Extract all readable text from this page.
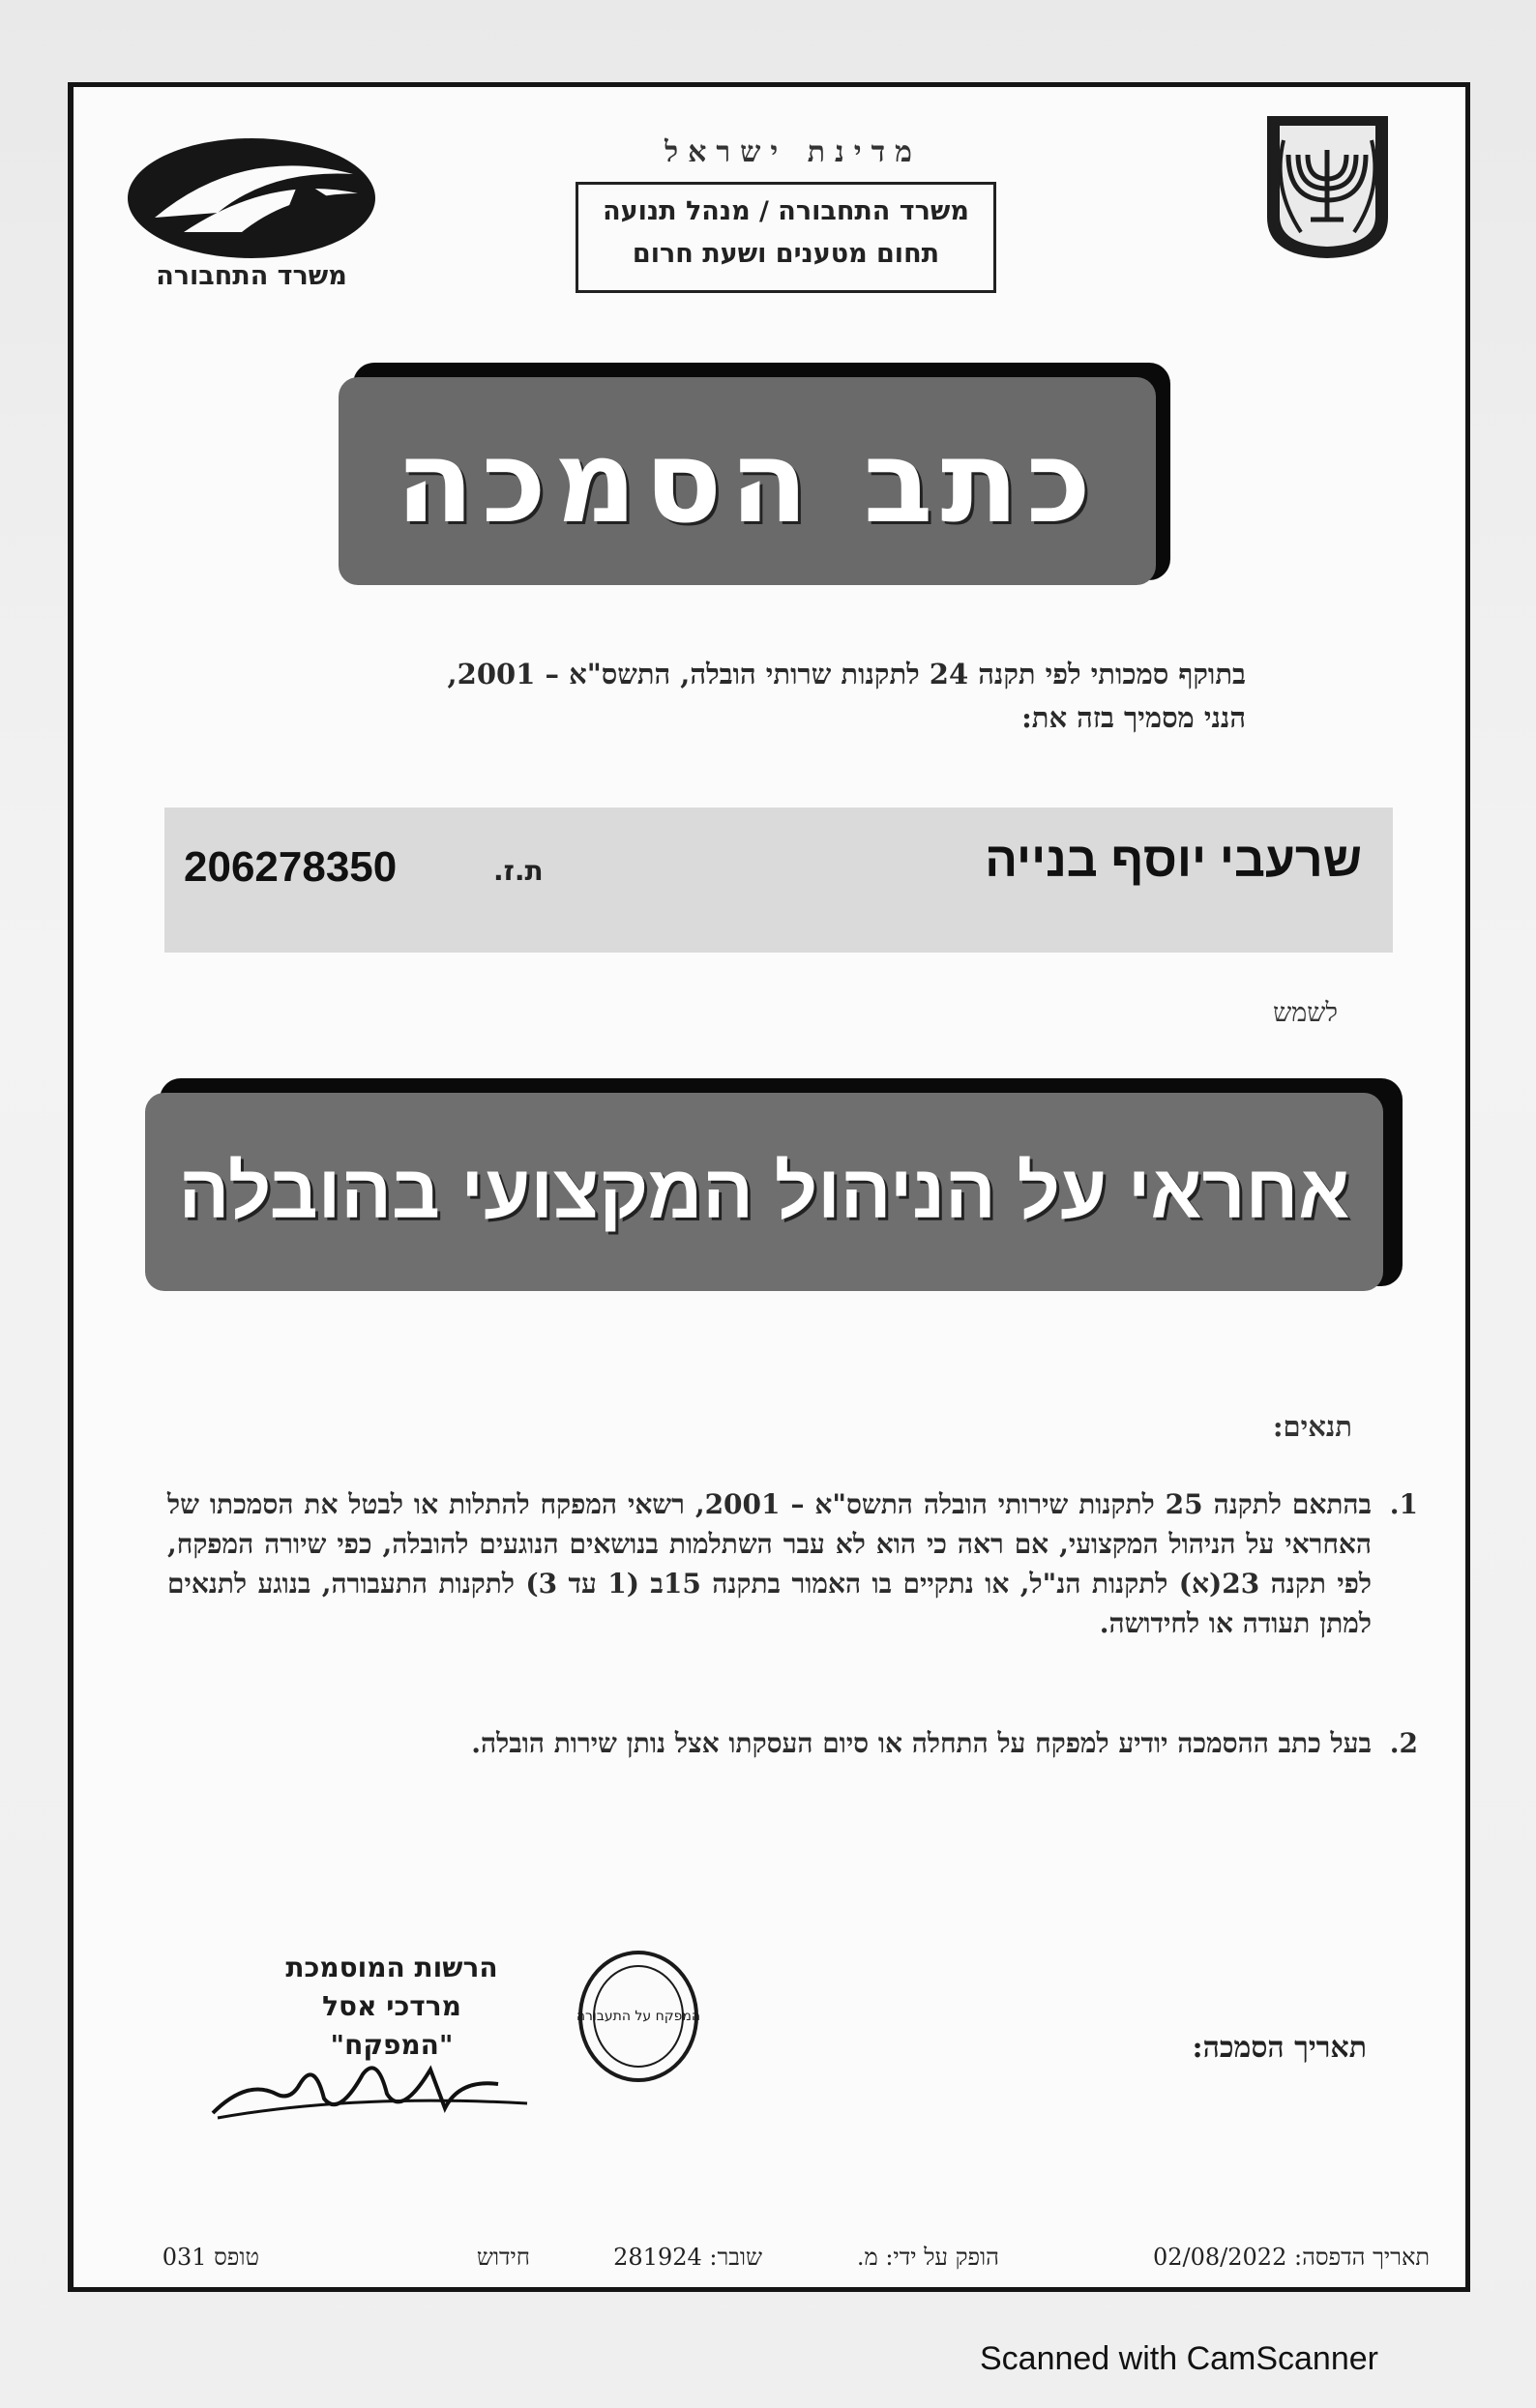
מדינת ישראל
משרד התחבורה / מנהל תנועה
תחום מטענים ושעת חרום
משרד התחבורה
כתב הסמכה
בתוקף סמכותי לפי תקנה 24 לתקנות שרותי הובלה, התשס"א – 2001,
הנני מסמיך בזה את:
שרעבי יוסף בנייה
ת.ז.
206278350
לשמש
אחראי על הניהול המקצועי בהובלה
תנאים:
1.
בהתאם לתקנה 25 לתקנות שירותי הובלה התשס"א – 2001, רשאי המפקח להתלות או לבטל את הסמכתו של האחראי על הניהול המקצועי, אם ראה כי הוא לא עבר השתלמות בנושאים הנוגעים להובלה, כפי שיורה המפקח, לפי תקנה 23(א) לתקנות הנ"ל, או נתקיים בו האמור בתקנה 15ב (1 עד 3) לתקנות התעבורה, בנוגע לתנאים למתן תעודה או לחידושה.
2.
בעל כתב ההסמכה יודיע למפקח על התחלה או סיום העסקתו אצל נותן שירות הובלה.
הרשות המוסמכת
מרדכי אסל
"המפקח"
המפקח על התעבורה
תאריך הסמכה:
תאריך הדפסה: 02/08/2022
הופק על ידי: מ.
שובר: 281924
חידוש
טופס 031
Scanned with CamScanner
